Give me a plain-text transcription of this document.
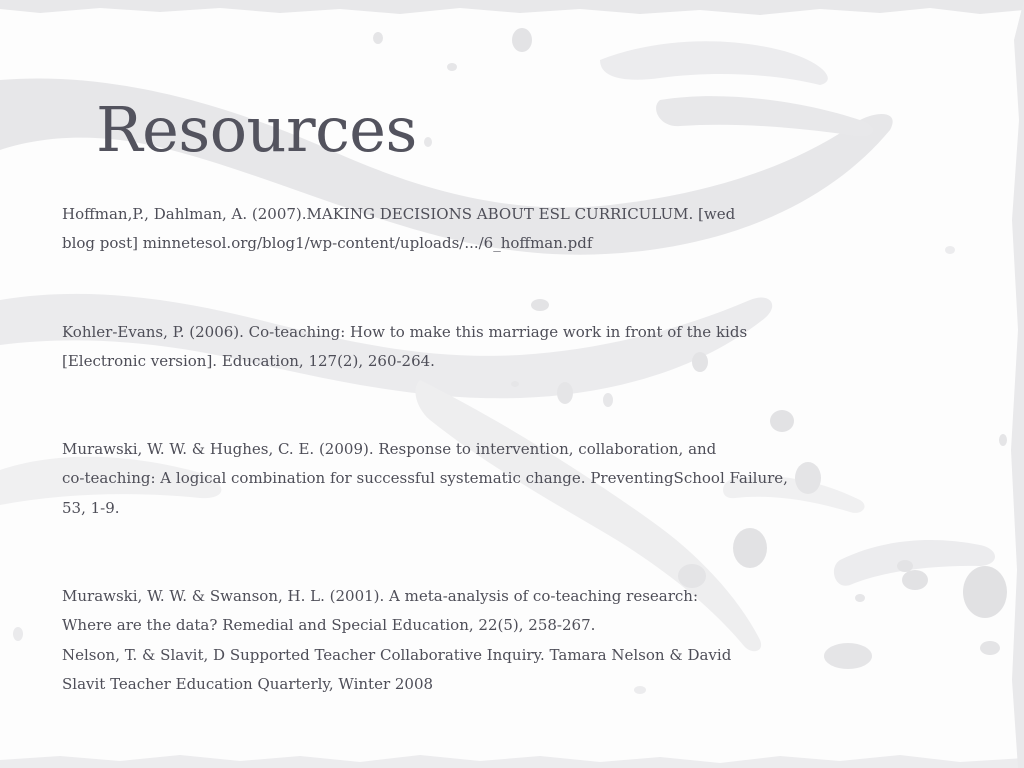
Resources
Hoffman,P., Dahlman, A. (2007).MAKING DECISIONS ABOUT ESL CURRICULUM. [wed
blog post] minnetesol.org/blog1/wp-content/uploads/.../6_hoffman.pdf
Kohler-Evans, P. (2006). Co-teaching: How to make this marriage work in front of the kids
[Electronic version]. Education, 127(2), 260-264.
Murawski, W. W. & Hughes, C. E. (2009). Response to intervention, collaboration, and
co-teaching: A logical combination for successful systematic change. PreventingSchool Failure,
53, 1-9.
Murawski, W. W. & Swanson, H. L. (2001). A meta-analysis of co-teaching research:
Where are the data? Remedial and Special Education, 22(5), 258-267.
Nelson, T. & Slavit, D Supported Teacher Collaborative Inquiry. Tamara Nelson & David
Slavit Teacher Education Quarterly, Winter 2008
